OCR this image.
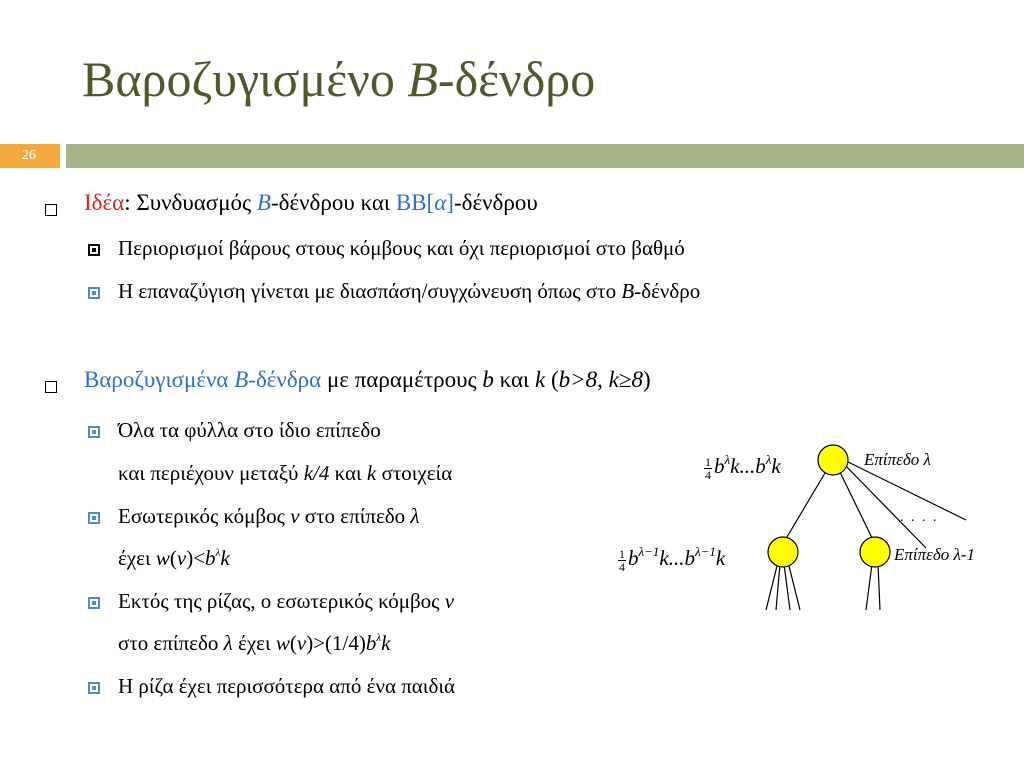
Βαροζυγισμένο B-δένδρο
26
Ιδέα: Συνδυασμός B-δένδρου και BB[α]-δένδρου
Περιορισμοί βάρους στους κόμβους και όχι περιορισμοί στο βαθμό
Η επαναζύγιση γίνεται με διασπάση/συγχώνευση όπως στο B-δένδρο
Βαροζυγισμένα B-δένδρα με παραμέτρους b και k (b>8, k≥8)
Όλα τα φύλλα στο ίδιο επίπεδο
και περιέχουν μεταξύ k/4 και k στοιχεία
Εσωτερικός κόμβος v στο επίπεδο λ
έχει $w(v)<b^\lambda k$
Εκτός της ρίζας, ο εσωτερικός κόμβος v
στο επίπεδο λ έχει $w(v)>(1/4)b^\lambda k$
Η ρίζα έχει περισσότερα από ένα παιδιά
$\frac{1}{4} b^\lambda k...b^\lambda k$
$\frac{1}{4} b^{\lambda-1}k...b^{\lambda-1}k$
Επίπεδο λ
Επίπεδο λ-1
. . . .
